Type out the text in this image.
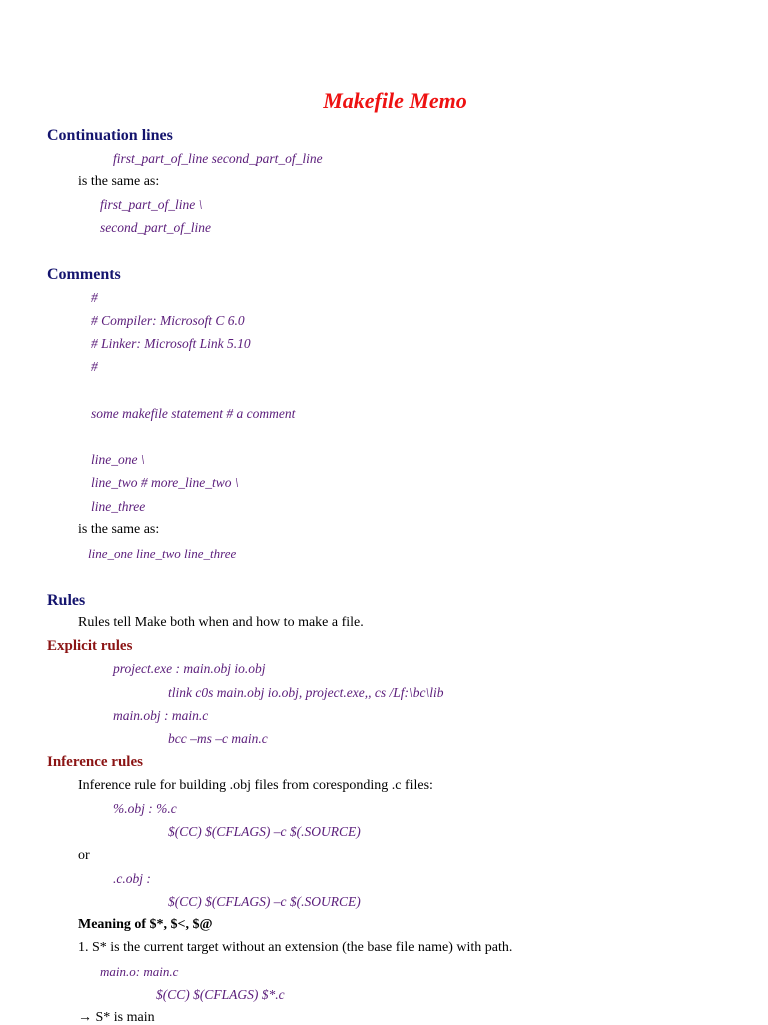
Makefile Memo
Continuation lines
first_part_of_line second_part_of_line
is the same as:
first_part_of_line \
second_part_of_line
Comments
#
# Compiler: Microsoft C 6.0
# Linker: Microsoft Link 5.10
#
some makefile statement # a comment
line_one \
line_two # more_line_two \
line_three
is the same as:
line_one line_two line_three
Rules
Rules tell Make both when and how to make a file.
Explicit rules
project.exe : main.obj io.obj
tlink c0s main.obj io.obj, project.exe,, cs /Lf:\bc\lib
main.obj : main.c
bcc –ms –c main.c
Inference rules
Inference rule for building .obj files from coresponding .c files:
%.obj : %.c
$(CC) $(CFLAGS) –c $(.SOURCE)
or
.c.obj :
$(CC) $(CFLAGS) –c $(.SOURCE)
Meaning of $*, $<, $@
1. S* is the current target without an extension (the base file name) with path.
main.o: main.c
$(CC) $(CFLAGS) $*.c
→ S* is main
